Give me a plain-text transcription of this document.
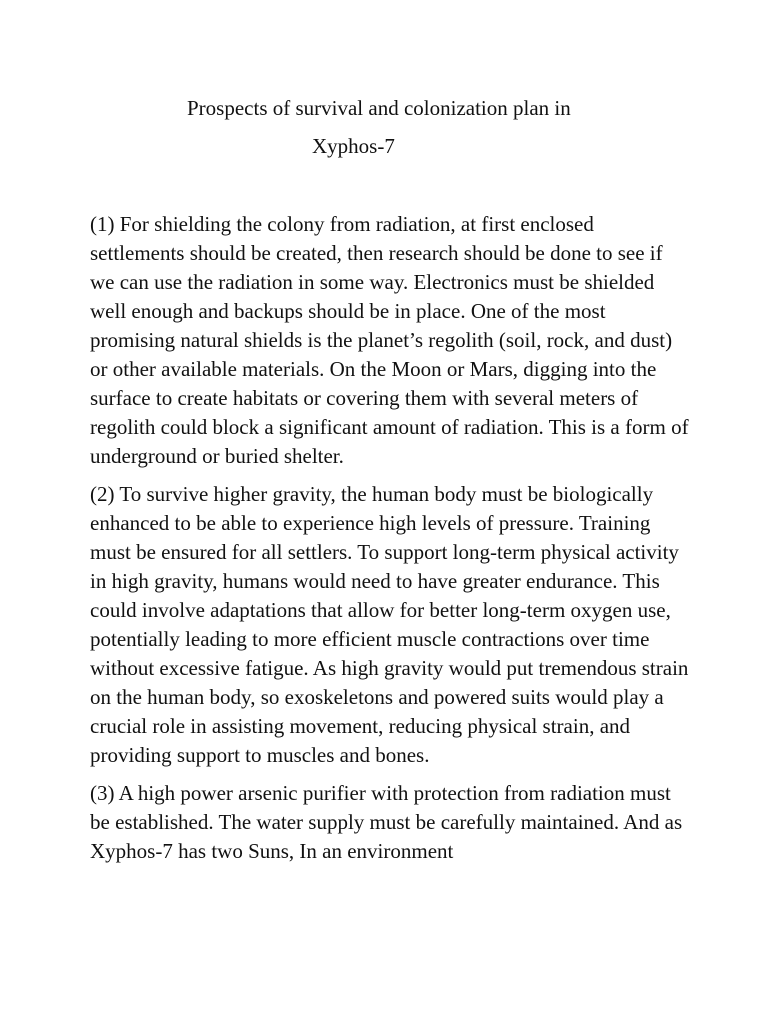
Prospects of survival and colonization plan in
Xyphos-7

(1) For shielding the colony from radiation, at first enclosed settlements should be created, then research should be done to see if we can use the radiation in some way. Electronics must be shielded well enough and backups should be in place. One of the most promising natural shields is the planet’s regolith (soil, rock, and dust) or other available materials. On the Moon or Mars, digging into the surface to create habitats or covering them with several meters of regolith could block a significant amount of radiation. This is a form of underground or buried shelter.

(2) To survive higher gravity, the human body must be biologically enhanced to be able to experience high levels of pressure. Training must be ensured for all settlers. To support long-term physical activity in high gravity, humans would need to have greater endurance. This could involve adaptations that allow for better long-term oxygen use, potentially leading to more efficient muscle contractions over time without excessive fatigue. As high gravity would put tremendous strain on the human body, so exoskeletons and powered suits would play a crucial role in assisting movement, reducing physical strain, and providing support to muscles and bones.

(3) A high power arsenic purifier with protection from radiation must be established. The water supply must be carefully maintained. And as Xyphos-7 has two Suns, In an environment
